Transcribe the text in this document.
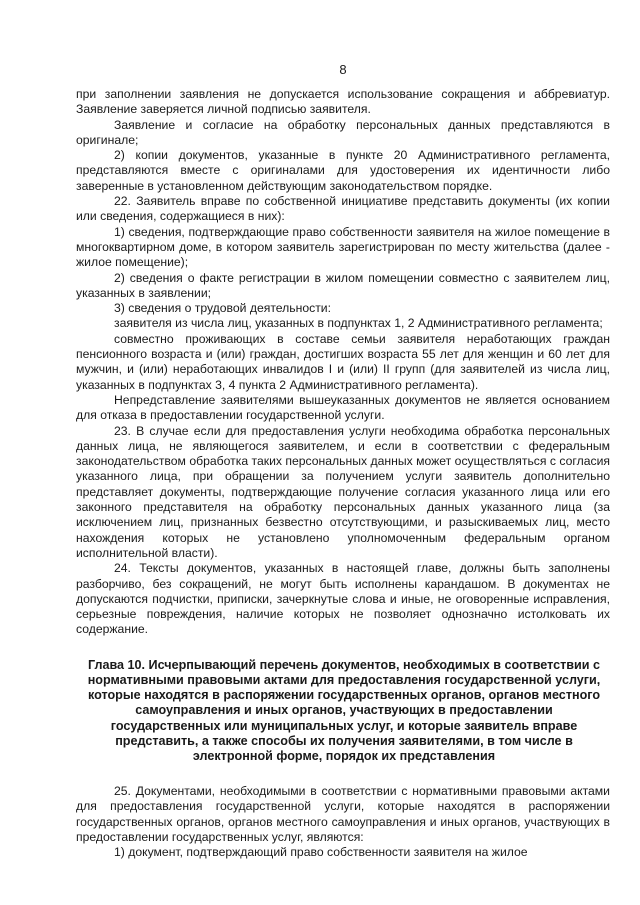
8

при заполнении заявления не допускается использование сокращения и аббревиатур. Заявление заверяется личной подписью заявителя.

Заявление и согласие на обработку персональных данных представляются в оригинале;

2) копии документов, указанные в пункте 20 Административного регламента, представляются вместе с оригиналами для удостоверения их идентичности либо заверенные в установленном действующим законодательством порядке.

22. Заявитель вправе по собственной инициативе представить документы (их копии или сведения, содержащиеся в них):

1) сведения, подтверждающие право собственности заявителя на жилое помещение в многоквартирном доме, в котором заявитель зарегистрирован по месту жительства (далее - жилое помещение);

2) сведения о факте регистрации в жилом помещении совместно с заявителем лиц, указанных в заявлении;

3) сведения о трудовой деятельности:

заявителя из числа лиц, указанных в подпунктах 1, 2 Административного регламента;

совместно проживающих в составе семьи заявителя неработающих граждан пенсионного возраста и (или) граждан, достигших возраста 55 лет для женщин и 60 лет для мужчин, и (или) неработающих инвалидов I и (или) II групп (для заявителей из числа лиц, указанных в подпунктах 3, 4 пункта 2 Административного регламента).

Непредставление заявителями вышеуказанных документов не является основанием для отказа в предоставлении государственной услуги.

23. В случае если для предоставления услуги необходима обработка персональных данных лица, не являющегося заявителем, и если в соответствии с федеральным законодательством обработка таких персональных данных может осуществляться с согласия указанного лица, при обращении за получением услуги заявитель дополнительно представляет документы, подтверждающие получение согласия указанного лица или его законного представителя на обработку персональных данных указанного лица (за исключением лиц, признанных безвестно отсутствующими, и разыскиваемых лиц, место нахождения которых не установлено уполномоченным федеральным органом исполнительной власти).

24. Тексты документов, указанных в настоящей главе, должны быть заполнены разборчиво, без сокращений, не могут быть исполнены карандашом. В документах не допускаются подчистки, приписки, зачеркнутые слова и иные, не оговоренные исправления, серьезные повреждения, наличие которых не позволяет однозначно истолковать их содержание.

Глава 10. Исчерпывающий перечень документов, необходимых в соответствии с нормативными правовыми актами для предоставления государственной услуги, которые находятся в распоряжении государственных органов, органов местного самоуправления и иных органов, участвующих в предоставлении государственных или муниципальных услуг, и которые заявитель вправе представить, а также способы их получения заявителями, в том числе в электронной форме, порядок их представления

25. Документами, необходимыми в соответствии с нормативными правовыми актами для предоставления государственной услуги, которые находятся в распоряжении государственных органов, органов местного самоуправления и иных органов, участвующих в предоставлении государственных услуг, являются:

1) документ, подтверждающий право собственности заявителя на жилое
